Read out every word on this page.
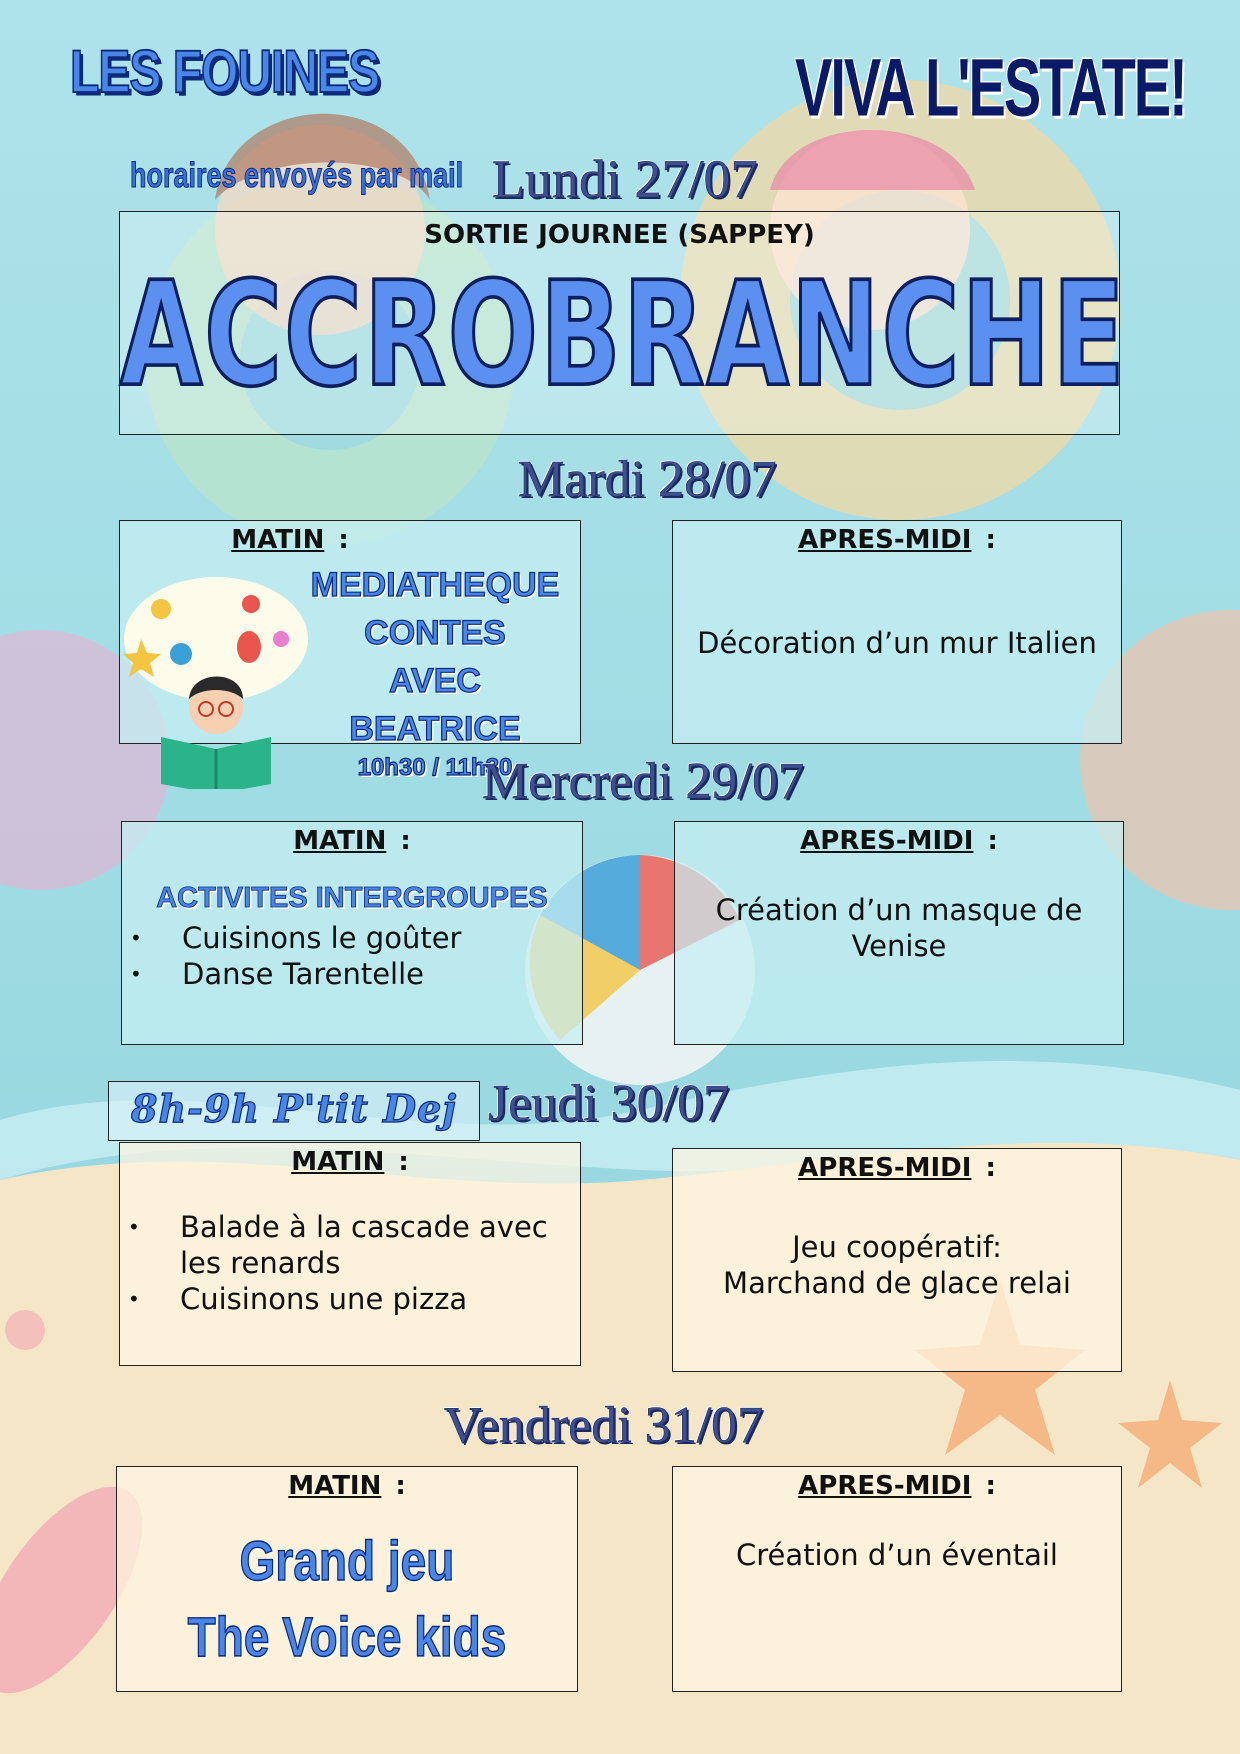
LES FOUINES	VIVA L'ESTATE!
horaires envoyés par mail Lundi 27/07
SORTIE JOURNEE (SAPPEY)
ACCROBRANCHE
Mardi 28/07
MATIN :
MEDIATHEQUE
CONTES
AVEC BEATRICE
10h30 / 11h30
APRES-MIDI :
Décoration d’un mur Italien
Mercredi 29/07
MATIN :
ACTIVITES INTERGROUPES
• Cuisinons le goûter
• Danse Tarentelle
APRES-MIDI :
Création d’un masque de
Venise
8h-9h P'tit Dej Jeudi 30/07
MATIN :
• Balade à la cascade avec les renards
• Cuisinons une pizza
APRES-MIDI :
Jeu coopératif:
Marchand de glace relai
Vendredi 31/07
MATIN :
Grand jeu
The Voice kids
APRES-MIDI :
Création d’un éventail
